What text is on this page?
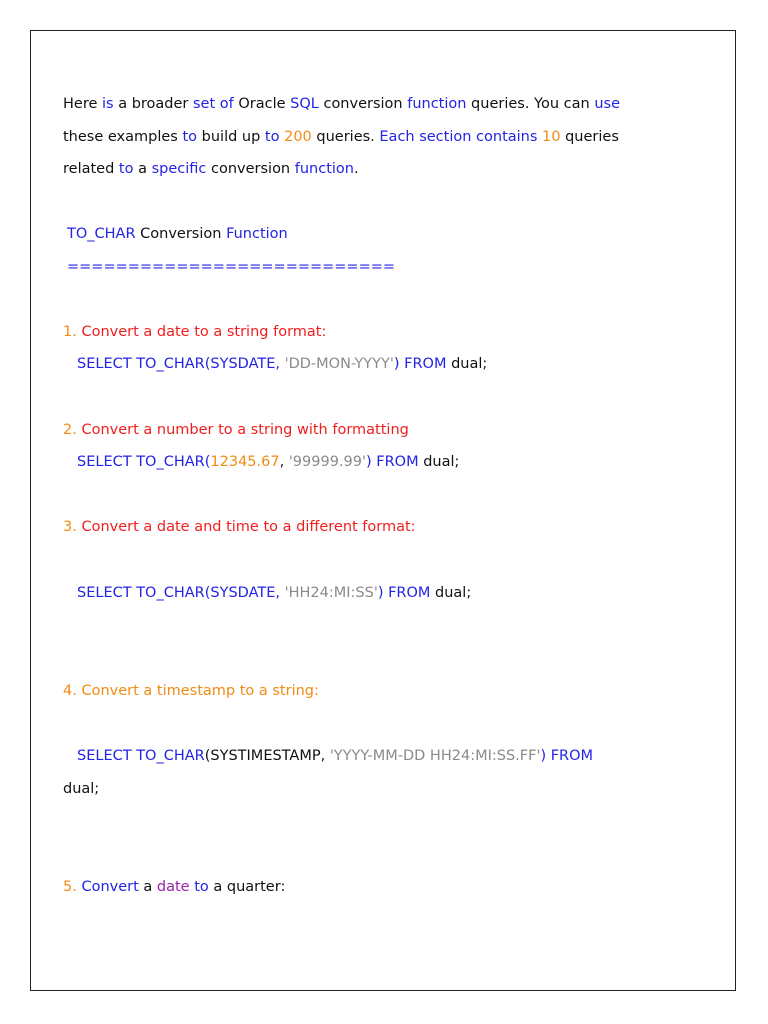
Here is a broader set of Oracle SQL conversion function queries. You can use
these examples to build up to 200 queries. Each section contains 10 queries
related to a specific conversion function.
TO_CHAR Conversion Function
===========================
1. Convert a date to a string format:
SELECT TO_CHAR(SYSDATE, 'DD-MON-YYYY') FROM dual;
2. Convert a number to a string with formatting
SELECT TO_CHAR(12345.67, '99999.99') FROM dual;
3. Convert a date and time to a different format:
SELECT TO_CHAR(SYSDATE, 'HH24:MI:SS') FROM dual;
4. Convert a timestamp to a string:
SELECT TO_CHAR(SYSTIMESTAMP, 'YYYY-MM-DD HH24:MI:SS.FF') FROM
dual;
5. Convert a date to a quarter:
